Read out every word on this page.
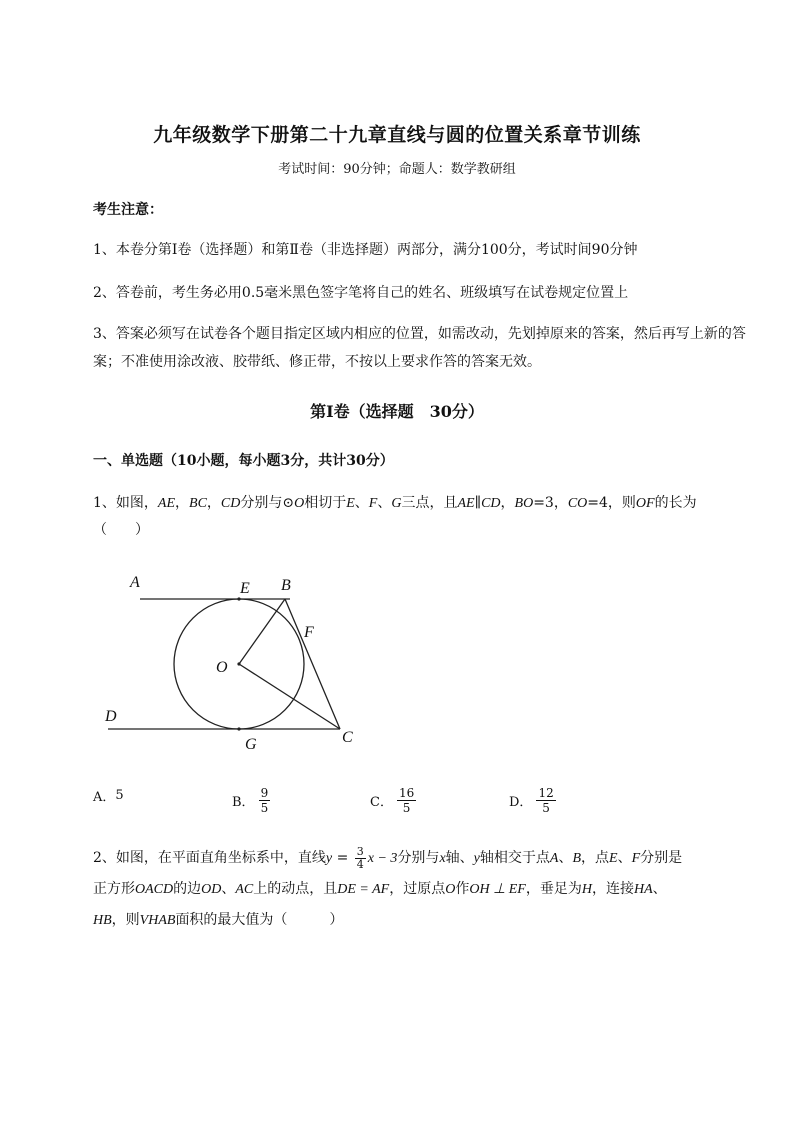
九年级数学下册第二十九章直线与圆的位置关系章节训练
考试时间：90分钟；命题人：数学教研组
考生注意：
1、本卷分第I卷（选择题）和第Ⅱ卷（非选择题）两部分，满分100分，考试时间90分钟
2、答卷前，考生务必用0.5毫米黑色签字笔将自己的姓名、班级填写在试卷规定位置上
3、答案必须写在试卷各个题目指定区域内相应的位置，如需改动，先划掉原来的答案，然后再写上新的答案；不准使用涂改液、胶带纸、修正带，不按以上要求作答的答案无效。
第I卷（选择题　30分）
一、单选题（10小题，每小题3分，共计30分）
1、如图，AE，BC，CD分别与⊙O相切于E、F、G三点，且AE∥CD，BO=3，CO=4，则OF的长为
（　　）
A	E B
F
O
D
G	C
A． 5	B． $\frac{9}{5}$	C． $\frac{16}{5}$	D． $\frac{12}{5}$
2、如图，在平面直角坐标系中，直线$y = \frac{3}{4}$ x − 3分别与x轴、y轴相交于点A、B，点E、F分别是
正方形OACD的边OD、AC上的动点，且DE = AF，过原点O作OH ⊥ EF，垂足为H，连接HA、
HB，则VHAB面积的最大值为（　　　）
